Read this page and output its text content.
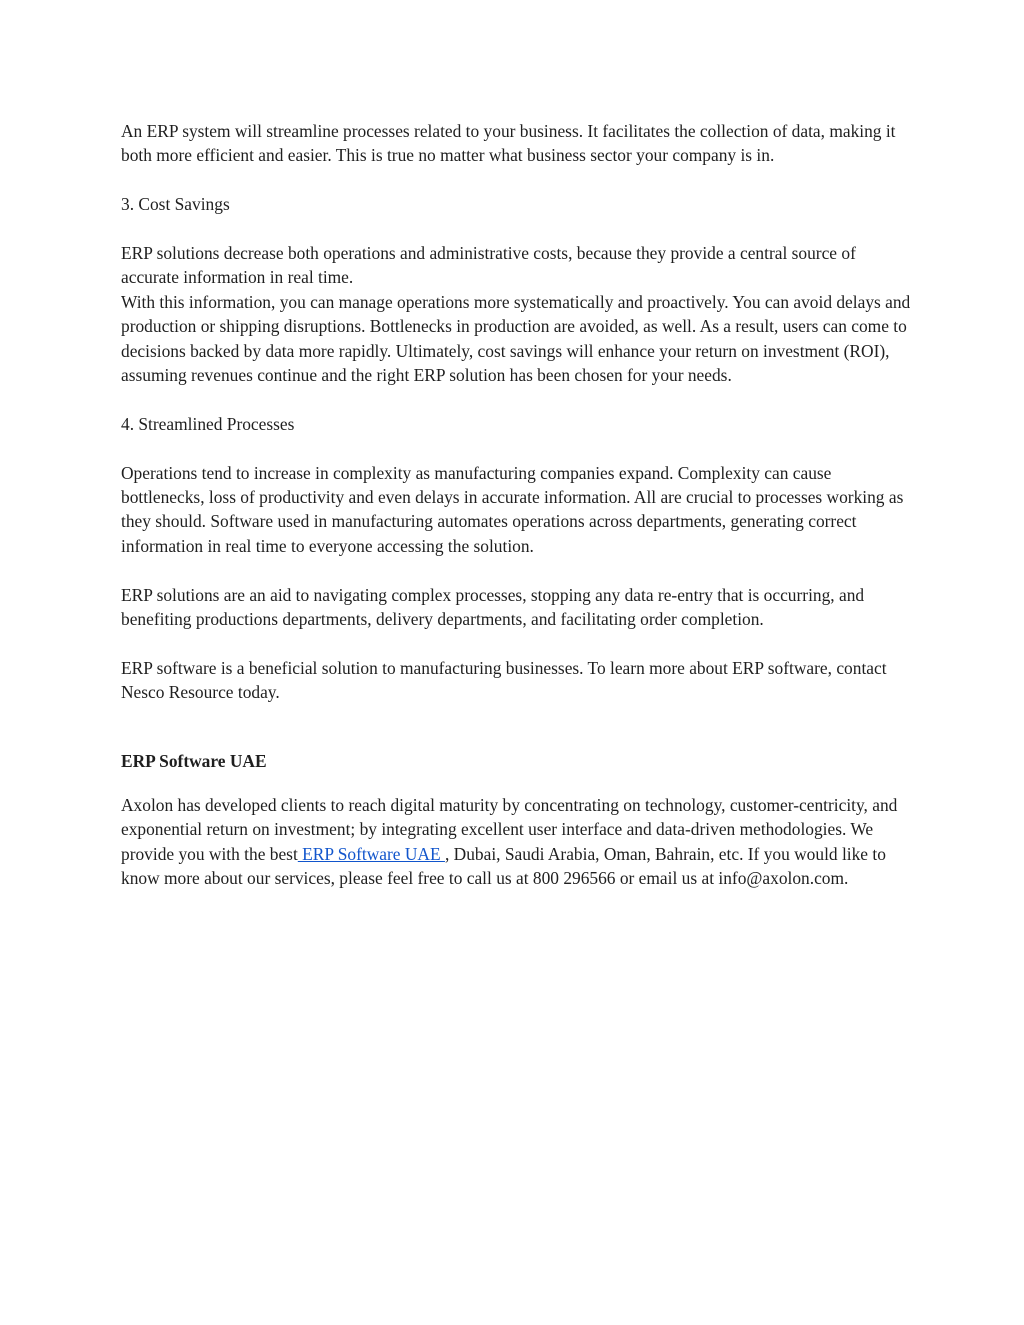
An ERP system will streamline processes related to your business. It facilitates the collection of data, making it both more efficient and easier. This is true no matter what business sector your company is in.

3. Cost Savings

ERP solutions decrease both operations and administrative costs, because they provide a central source of accurate information in real time.

With this information, you can manage operations more systematically and proactively. You can avoid delays and production or shipping disruptions. Bottlenecks in production are avoided, as well. As a result, users can come to decisions backed by data more rapidly. Ultimately, cost savings will enhance your return on investment (ROI), assuming revenues continue and the right ERP solution has been chosen for your needs.

4. Streamlined Processes

Operations tend to increase in complexity as manufacturing companies expand. Complexity can cause bottlenecks, loss of productivity and even delays in accurate information. All are crucial to processes working as they should. Software used in manufacturing automates operations across departments, generating correct information in real time to everyone accessing the solution.

ERP solutions are an aid to navigating complex processes, stopping any data re-entry that is occurring, and benefiting productions departments, delivery departments, and facilitating order completion.

ERP software is a beneficial solution to manufacturing businesses. To learn more about ERP software, contact Nesco Resource today.

ERP Software UAE

Axolon has developed clients to reach digital maturity by concentrating on technology, customer-centricity, and exponential return on investment; by integrating excellent user interface and data-driven methodologies. We provide you with the best ERP Software UAE , Dubai, Saudi Arabia, Oman, Bahrain, etc. If you would like to know more about our services, please feel free to call us at 800 296566 or email us at info@axolon.com.
